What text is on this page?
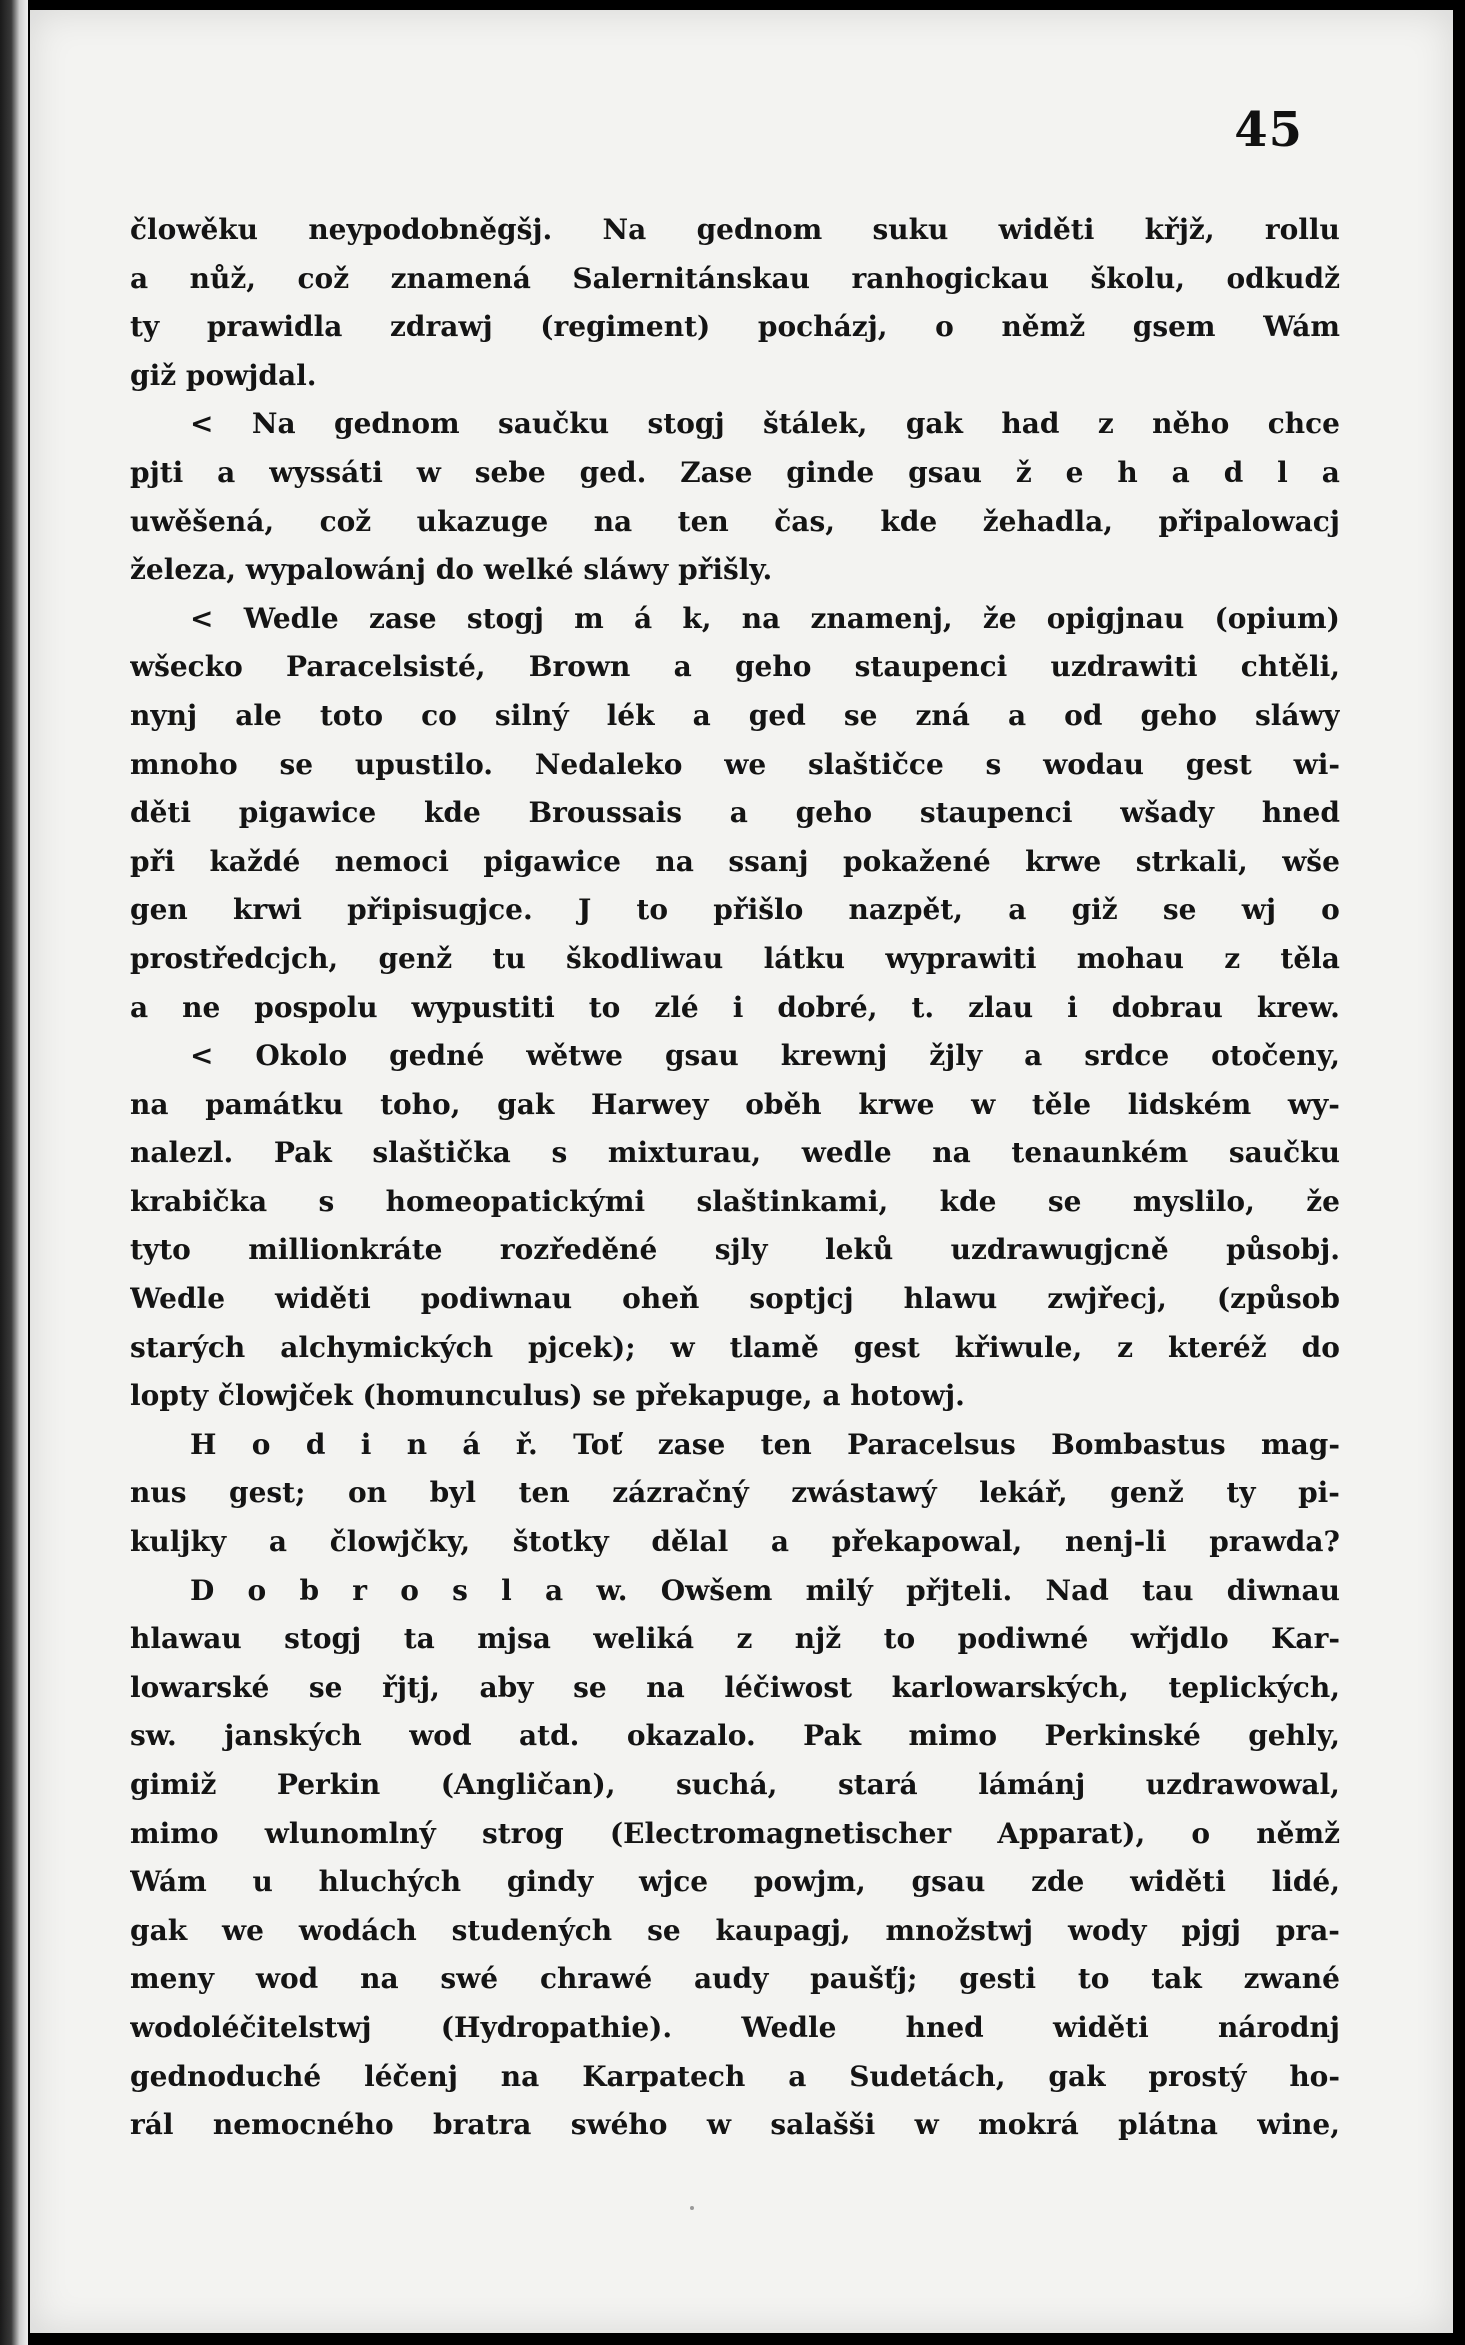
45
člowěku neypodobněgšj. Na gednom suku widěti křjž, rollu
a nůž, což znamená Salernitánskau ranhogickau školu, odkudž
ty prawidla zdrawj (regiment) pocházj, o němž gsem Wám
giž powjdal.
< Na gednom saučku stogj štálek, gak had z něho chce
pjti a wyssáti w sebe ged. Zase ginde gsau ž e h a d l a
uwěšená, což ukazuge na ten čas, kde žehadla, připalowacj
železa, wypalowánj do welké sláwy přišly.
< Wedle zase stogj m á k, na znamenj, že opigjnau (opium)
wšecko Paracelsisté, Brown a geho staupenci uzdrawiti chtěli,
nynj ale toto co silný lék a ged se zná a od geho sláwy
mnoho se upustilo. Nedaleko we slaštičce s wodau gest wi-
děti pigawice kde Broussais a geho staupenci wšady hned
při každé nemoci pigawice na ssanj pokažené krwe strkali, wše
gen krwi připisugjce. J to přišlo nazpět, a giž se wj o
prostředcjch, genž tu škodliwau látku wyprawiti mohau z těla
a ne pospolu wypustiti to zlé i dobré, t. zlau i dobrau krew.
< Okolo gedné wětwe gsau krewnj žjly a srdce otočeny,
na památku toho, gak Harwey oběh krwe w těle lidském wy-
nalezl. Pak slaštička s mixturau, wedle na tenaunkém saučku
krabička s homeopatickými slaštinkami, kde se myslilo, že
tyto millionkráte rozředěné sjly leků uzdrawugjcně působj.
Wedle widěti podiwnau oheň soptjcj hlawu zwjřecj, (způsob
starých alchymických pjcek); w tlamě gest křiwule, z kteréž do
lopty člowjček (homunculus) se překapuge, a hotowj.
H o d i n á ř. Toť zase ten Paracelsus Bombastus mag-
nus gest; on byl ten zázračný zwástawý lekář, genž ty pi-
kuljky a člowjčky, štotky dělal a překapowal, nenj-li prawda?
D o b r o s l a w. Owšem milý přjteli. Nad tau diwnau
hlawau stogj ta mjsa weliká z njž to podiwné wřjdlo Kar-
lowarské se řjtj, aby se na léčiwost karlowarských, teplických,
sw. janských wod atd. okazalo. Pak mimo Perkinské gehly,
gimiž Perkin (Angličan), suchá, stará lámánj uzdrawowal,
mimo wlunomlný strog (Electromagnetischer Apparat), o němž
Wám u hluchých gindy wjce powjm, gsau zde widěti lidé,
gak we wodách studených se kaupagj, množstwj wody pjgj pra-
meny wod na swé chrawé audy paušťj; gesti to tak zwané
wodoléčitelstwj (Hydropathie). Wedle hned widěti národnj
gednoduché léčenj na Karpatech a Sudetách, gak prostý ho-
rál nemocného bratra swého w salašši w mokrá plátna wine,
